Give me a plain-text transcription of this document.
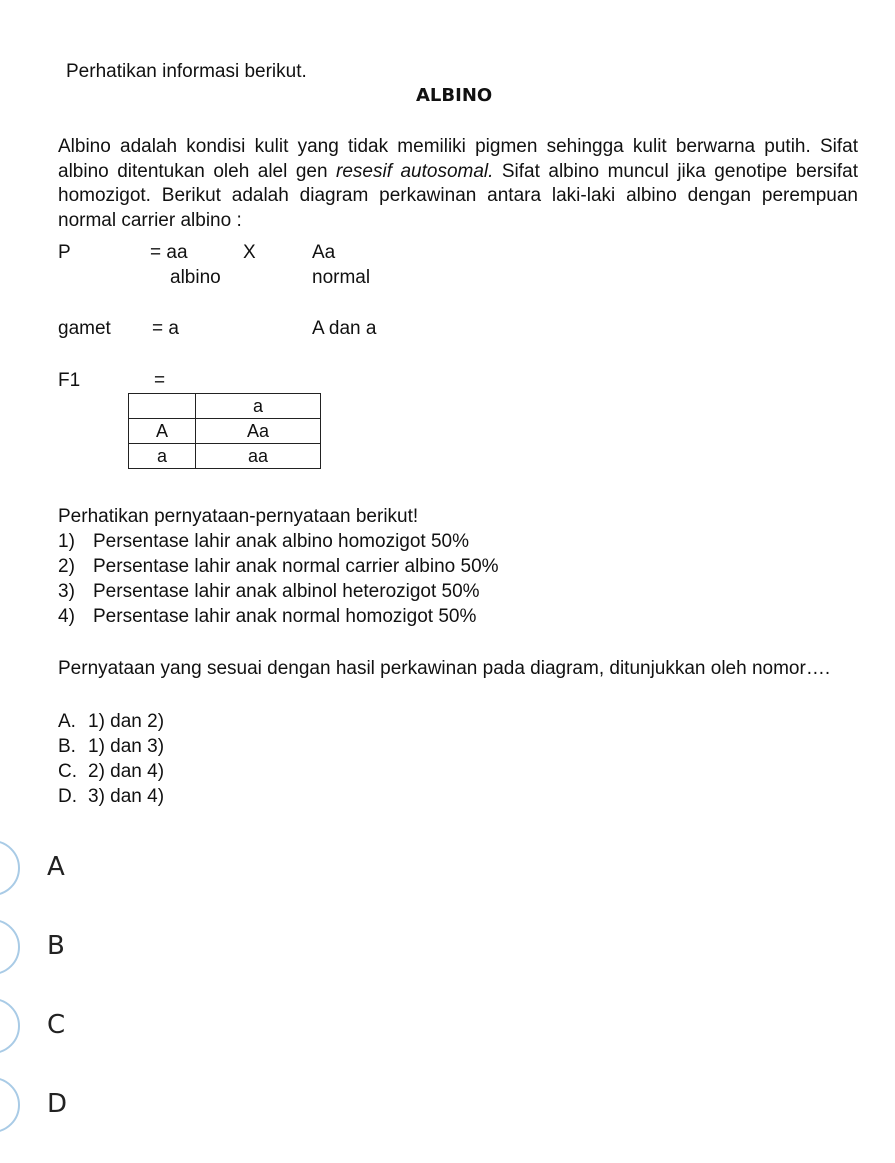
Perhatikan informasi berikut.
ALBINO
Albino adalah kondisi kulit yang tidak memiliki pigmen sehingga kulit berwarna putih. Sifat albino ditentukan oleh alel gen resesif autosomal. Sifat albino muncul jika genotipe bersifat homozigot. Berikut adalah diagram perkawinan antara laki-laki albino dengan perempuan normal carrier albino :
P	= aa	X	Aa
albino	normal
gamet = a	A dan a
F1	=
	a
A	Aa
a	aa
Perhatikan pernyataan-pernyataan berikut!
1) Persentase lahir anak albino homozigot 50%
2) Persentase lahir anak normal carrier albino 50%
3) Persentase lahir anak albinol heterozigot 50%
4) Persentase lahir anak normal homozigot 50%
Pernyataan yang sesuai dengan hasil perkawinan pada diagram, ditunjukkan oleh nomor….
A. 1) dan 2)
B. 1) dan 3)
C. 2) dan 4)
D. 3) dan 4)
A
B
C
D
